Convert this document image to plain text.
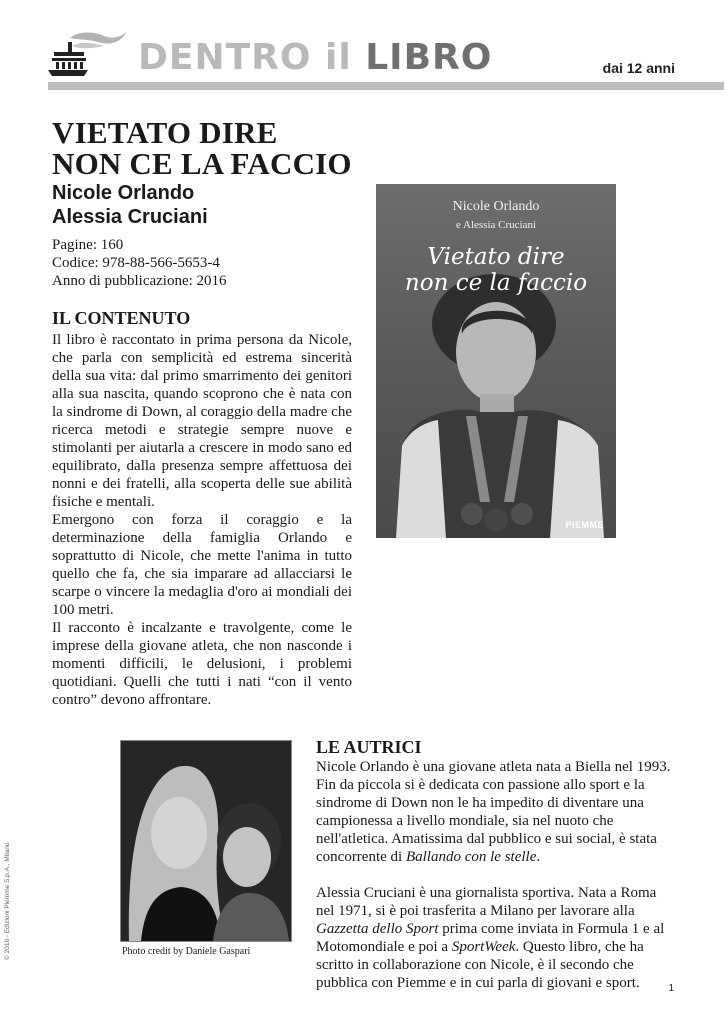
DENTRO il LIBRO	dai 12 anni
VIETATO DIRE
NON CE LA FACCIO
Nicole Orlando
Alessia Cruciani
Pagine: 160
Codice: 978-88-566-5653-4
Anno di pubblicazione: 2016
IL CONTENUTO

Il libro è raccontato in prima persona da Nicole, che parla con semplicità ed estrema sincerità della sua vita: dal primo smarrimento dei genitori alla sua nascita, quando scoprono che è nata con la sindrome di Down, al coraggio della madre che ricerca metodi e strategie sempre nuove e stimolanti per aiutarla a crescere in modo sano ed equilibrato, dalla presenza sempre affettuosa dei nonni e dei fratelli, alla scoperta delle sue abilità fisiche e mentali.

Emergono con forza il coraggio e la determinazione della famiglia Orlando e soprattutto di Nicole, che mette l'anima in tutto quello che fa, che sia imparare ad allacciarsi le scarpe o vincere la medaglia d'oro ai mondiali dei 100 metri.

Il racconto è incalzante e travolgente, come le imprese della giovane atleta, che non nasconde i momenti difficili, le delusioni, i problemi quotidiani. Quelli che tutti i nati “con il vento contro” devono affrontare.

Nicole Orlando
e Alessia Cruciani
Vietato dire
non ce la faccio
PIEMME
Photo credit by Daniele Gaspari
LE AUTRICI

Nicole Orlando è una giovane atleta nata a Biella nel 1993. Fin da piccola si è dedicata con passione allo sport e la sindrome di Down non le ha impedito di diventare una campionessa a livello mondiale, sia nel nuoto che nell'atletica. Amatissima dal pubblico e sui social, è stata concorrente di Ballando con le stelle.

Alessia Cruciani è una giornalista sportiva. Nata a Roma nel 1971, si è poi trasferita a Milano per lavorare alla Gazzetta dello Sport prima come inviata in Formula 1 e al Motomondiale e poi a SportWeek. Questo libro, che ha scritto in collaborazione con Nicole, è il secondo che pubblica con Piemme e in cui parla di giovani e sport.

© 2016 - Edizioni Piemme S.p.A., Milano
1
